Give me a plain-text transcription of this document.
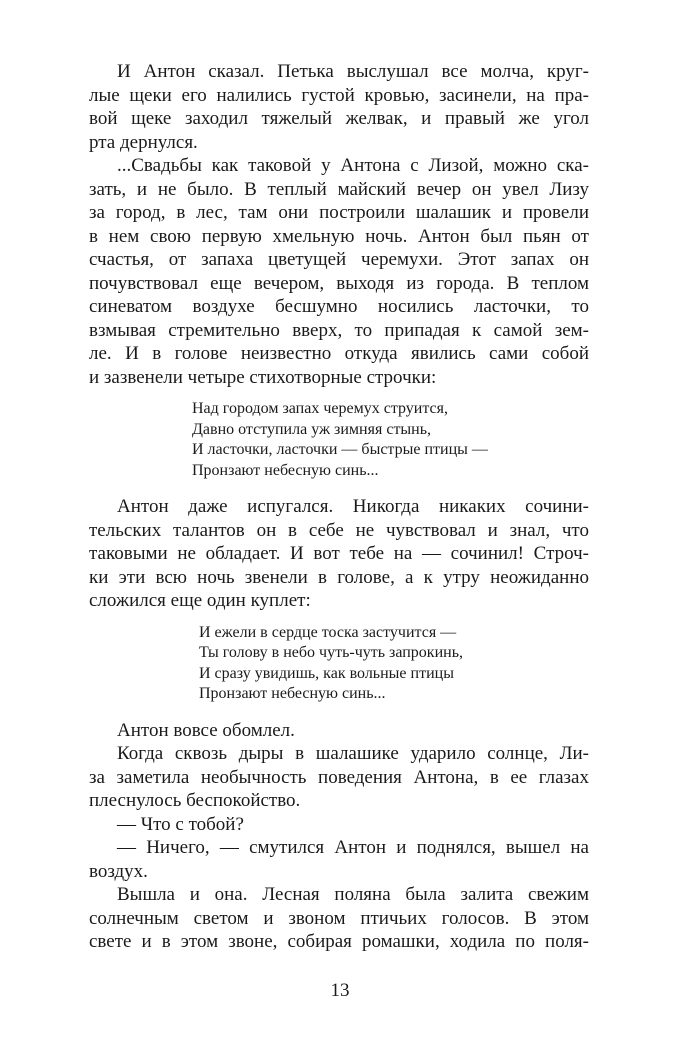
И Антон сказал. Петька выслушал все молча, круг-

лые щеки его налились густой кровью, засинели, на пра-

вой щеке заходил тяжелый желвак, и правый же угол

рта дернулся.

...Свадьбы как таковой у Антона с Лизой, можно ска-

зать, и не было. В теплый майский вечер он увел Лизу

за город, в лес, там они построили шалашик и провели

в нем свою первую хмельную ночь. Антон был пьян от

счастья, от запаха цветущей черемухи. Этот запах он

почувствовал еще вечером, выходя из города. В теплом

синеватом воздухе бесшумно носились ласточки, то

взмывая стремительно вверх, то припадая к самой зем-

ле. И в голове неизвестно откуда явились сами собой

и зазвенели четыре стихотворные строчки:

Над городом запах черемух струится,
Давно отступила уж зимняя стынь,
И ласточки, ласточки — быстрые птицы —
Пронзают небесную синь...

Антон даже испугался. Никогда никаких сочини-

тельских талантов он в себе не чувствовал и знал, что

таковыми не обладает. И вот тебе на — сочинил! Строч-

ки эти всю ночь звенели в голове, а к утру неожиданно

сложился еще один куплет:

И ежели в сердце тоска застучится —
Ты голову в небо чуть-чуть запрокинь,
И сразу увидишь, как вольные птицы
Пронзают небесную синь...

Антон вовсе обомлел.

Когда сквозь дыры в шалашике ударило солнце, Ли-

за заметила необычность поведения Антона, в ее глазах

плеснулось беспокойство.

— Что с тобой?

— Ничего, — смутился Антон и поднялся, вышел на

воздух.

Вышла и она. Лесная поляна была залита свежим

солнечным светом и звоном птичьих голосов. В этом

свете и в этом звоне, собирая ромашки, ходила по поля-

13
